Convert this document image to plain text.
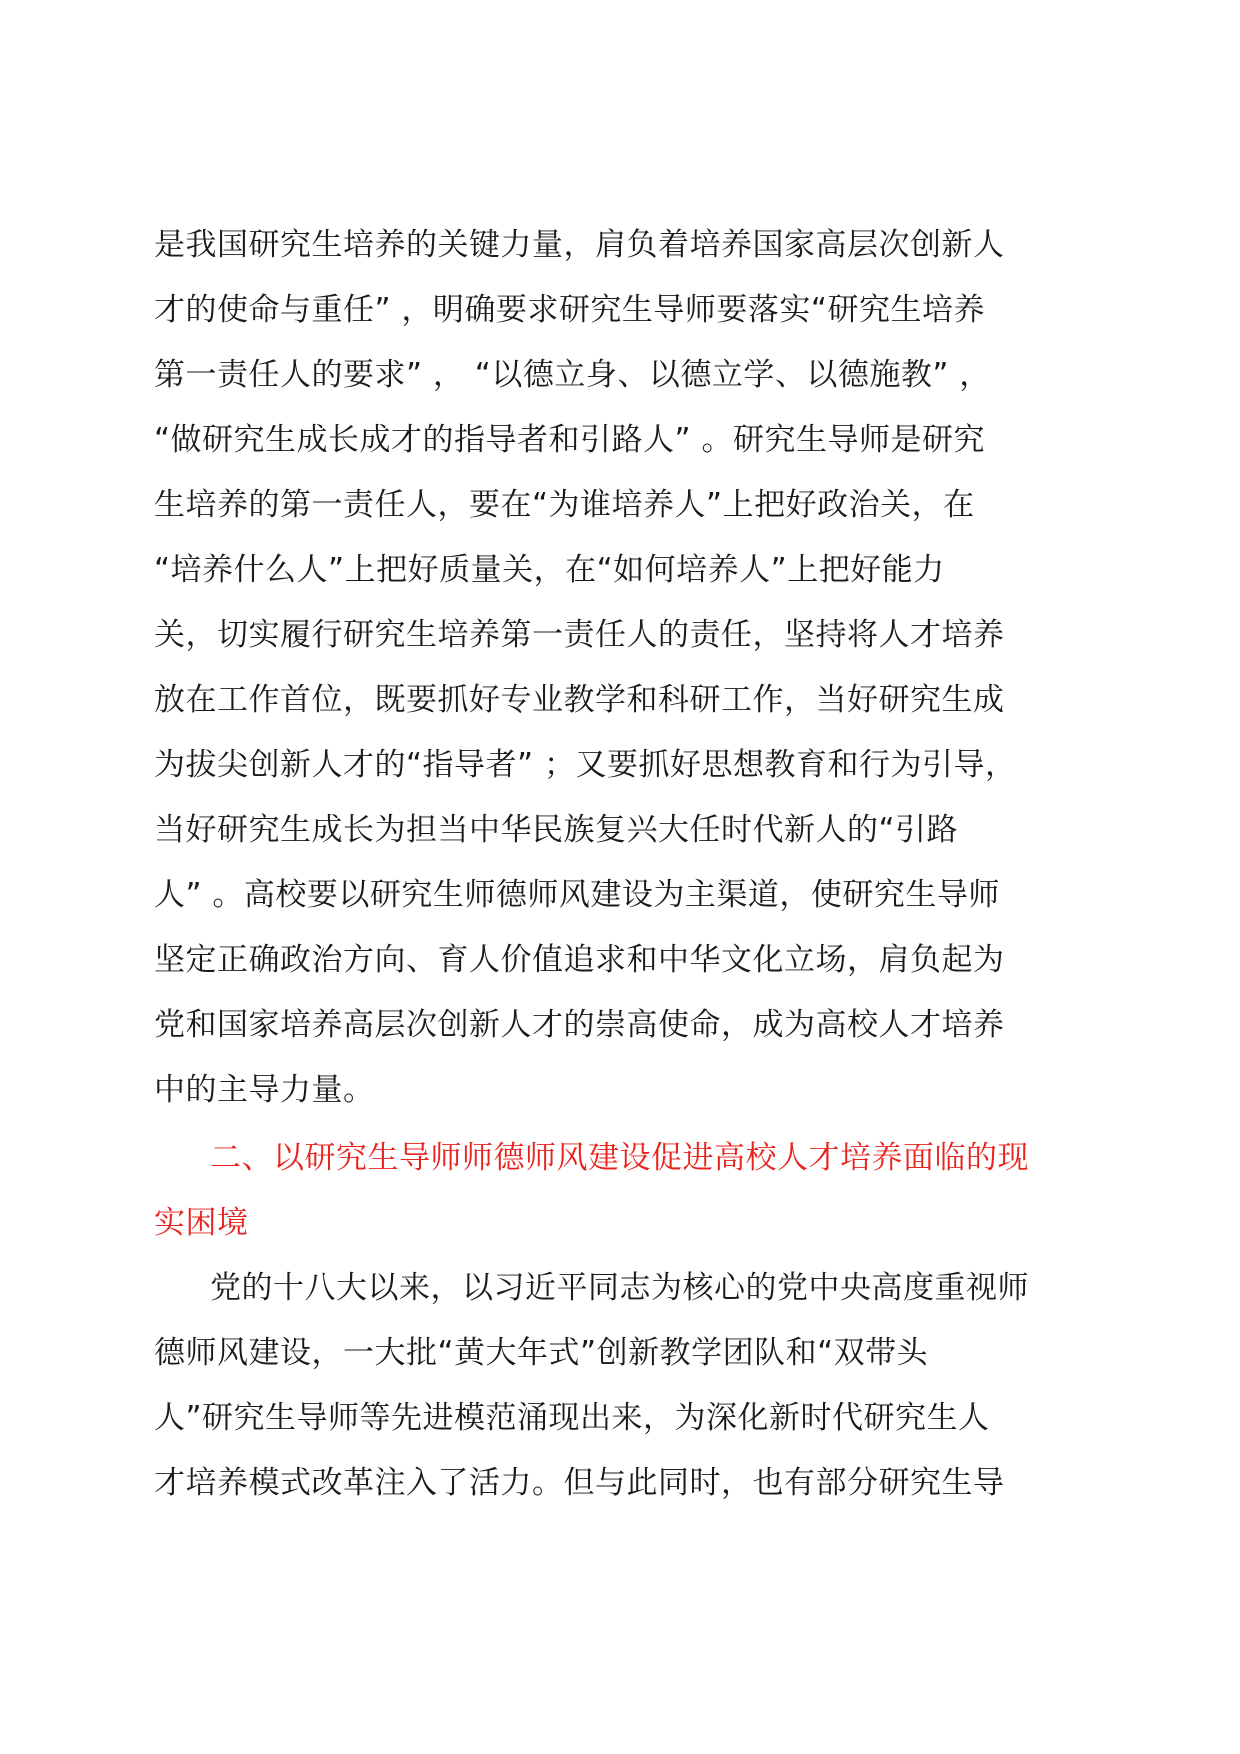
是我国研究生培养的关键力量，肩负着培养国家高层次创新人
才的使命与重任” ，明确要求研究生导师要落实“研究生培养
第一责任人的要求” ， “以德立身、以德立学、以德施教” ，
“做研究生成长成才的指导者和引路人” 。研究生导师是研究
生培养的第一责任人，要在“为谁培养人”上把好政治关，在
“培养什么人”上把好质量关，在“如何培养人”上把好能力
关，切实履行研究生培养第一责任人的责任，坚持将人才培养
放在工作首位，既要抓好专业教学和科研工作，当好研究生成
为拔尖创新人才的“指导者” ；又要抓好思想教育和行为引导，
当好研究生成长为担当中华民族复兴大任时代新人的“引路
人” 。高校要以研究生师德师风建设为主渠道，使研究生导师
坚定正确政治方向、育人价值追求和中华文化立场，肩负起为
党和国家培养高层次创新人才的崇高使命，成为高校人才培养
中的主导力量。
二、以研究生导师师德师风建设促进高校人才培养面临的现
实困境
党的十八大以来，以习近平同志为核心的党中央高度重视师
德师风建设，一大批“黄大年式”创新教学团队和“双带头
人”研究生导师等先进模范涌现出来，为深化新时代研究生人
才培养模式改革注入了活力。但与此同时，也有部分研究生导
